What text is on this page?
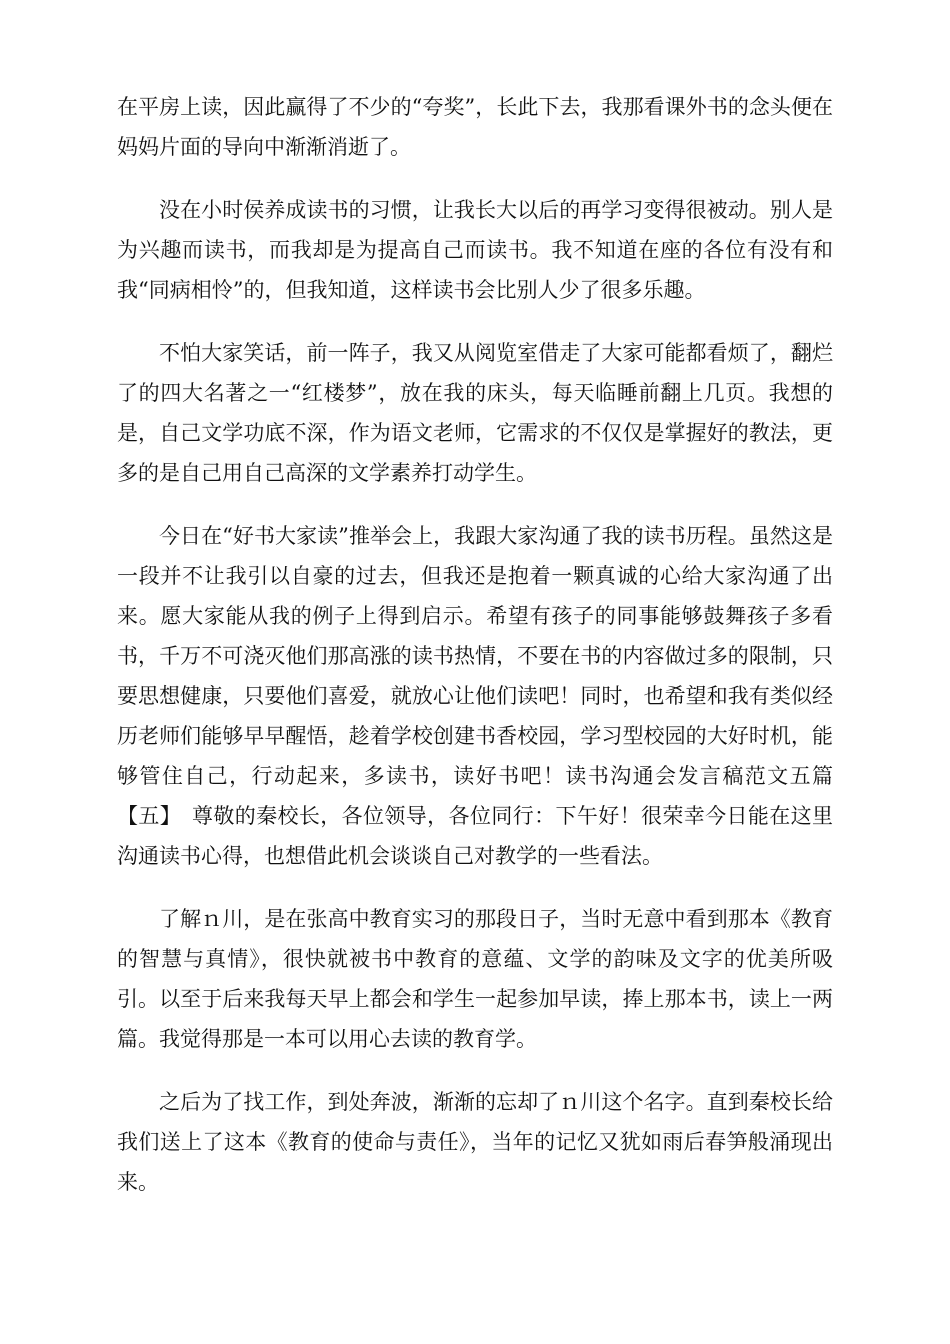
在平房上读，因此赢得了不少的“夸奖”，长此下去，我那看课外书的念头便在妈妈片面的导向中渐渐消逝了。

没在小时侯养成读书的习惯，让我长大以后的再学习变得很被动。别人是为兴趣而读书，而我却是为提高自己而读书。我不知道在座的各位有没有和我“同病相怜”的，但我知道，这样读书会比别人少了很多乐趣。

不怕大家笑话，前一阵子，我又从阅览室借走了大家可能都看烦了，翻烂了的四大名著之一“红楼梦”，放在我的床头，每天临睡前翻上几页。我想的是，自己文学功底不深，作为语文老师，它需求的不仅仅是掌握好的教法，更多的是自己用自己高深的文学素养打动学生。

今日在“好书大家读”推举会上，我跟大家沟通了我的读书历程。虽然这是一段并不让我引以自豪的过去，但我还是抱着一颗真诚的心给大家沟通了出来。愿大家能从我的例子上得到启示。希望有孩子的同事能够鼓舞孩子多看书，千万不可浇灭他们那高涨的读书热情，不要在书的内容做过多的限制，只要思想健康，只要他们喜爱，就放心让他们读吧！同时，也希望和我有类似经历老师们能够早早醒悟，趁着学校创建书香校园，学习型校园的大好时机，能够管住自己，行动起来，多读书，读好书吧！读书沟通会发言稿范文五篇【五】　尊敬的秦校长，各位领导，各位同行：下午好！很荣幸今日能在这里沟通读书心得，也想借此机会谈谈自己对教学的一些看法。

了解ｎ川，是在张高中教育实习的那段日子，当时无意中看到那本《教育的智慧与真情》，很快就被书中教育的意蕴、文学的韵味及文字的优美所吸引。以至于后来我每天早上都会和学生一起参加早读，捧上那本书，读上一两篇。我觉得那是一本可以用心去读的教育学。

之后为了找工作，到处奔波，渐渐的忘却了ｎ川这个名字。直到秦校长给我们送上了这本《教育的使命与责任》，当年的记忆又犹如雨后春笋般涌现出来。
